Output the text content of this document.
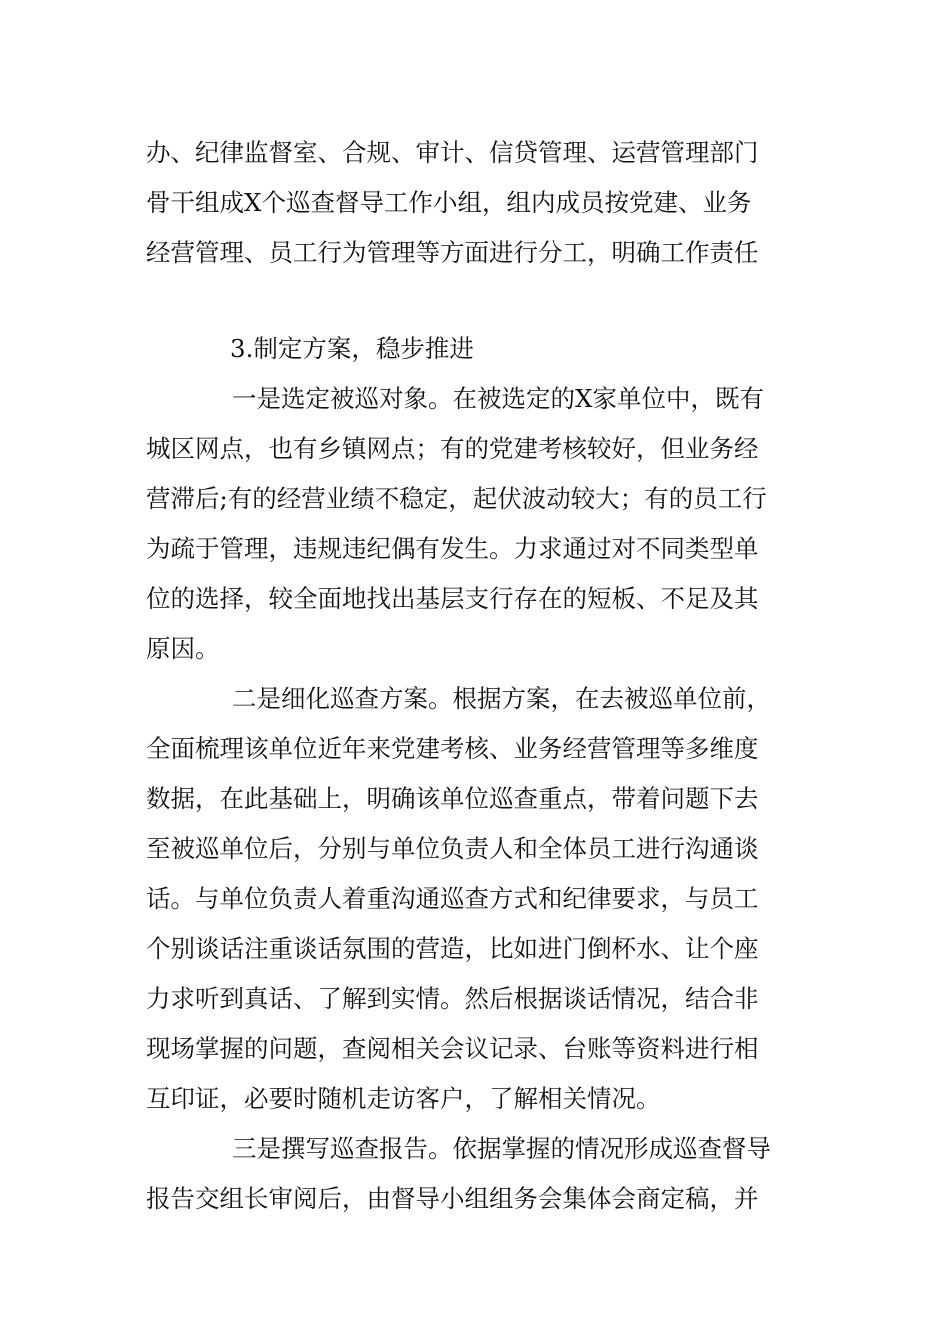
办、纪律监督室、合规、审计、信贷管理、运营管理部门
骨干组成X个巡查督导工作小组，组内成员按党建、业务
经营管理、员工行为管理等方面进行分工，明确工作责任
3.制定方案，稳步推进
一是选定被巡对象。在被选定的X家单位中，既有
城区网点，也有乡镇网点；有的党建考核较好，但业务经
营滞后;有的经营业绩不稳定，起伏波动较大；有的员工行
为疏于管理，违规违纪偶有发生。力求通过对不同类型单
位的选择，较全面地找出基层支行存在的短板、不足及其
原因。
二是细化巡查方案。根据方案，在去被巡单位前，
全面梳理该单位近年来党建考核、业务经营管理等多维度
数据，在此基础上，明确该单位巡查重点，带着问题下去
至被巡单位后，分别与单位负责人和全体员工进行沟通谈
话。与单位负责人着重沟通巡查方式和纪律要求，与员工
个别谈话注重谈话氛围的营造，比如进门倒杯水、让个座
力求听到真话、了解到实情。然后根据谈话情况，结合非
现场掌握的问题，查阅相关会议记录、台账等资料进行相
互印证，必要时随机走访客户，了解相关情况。
三是撰写巡查报告。依据掌握的情况形成巡查督导
报告交组长审阅后，由督导小组组务会集体会商定稿，并
